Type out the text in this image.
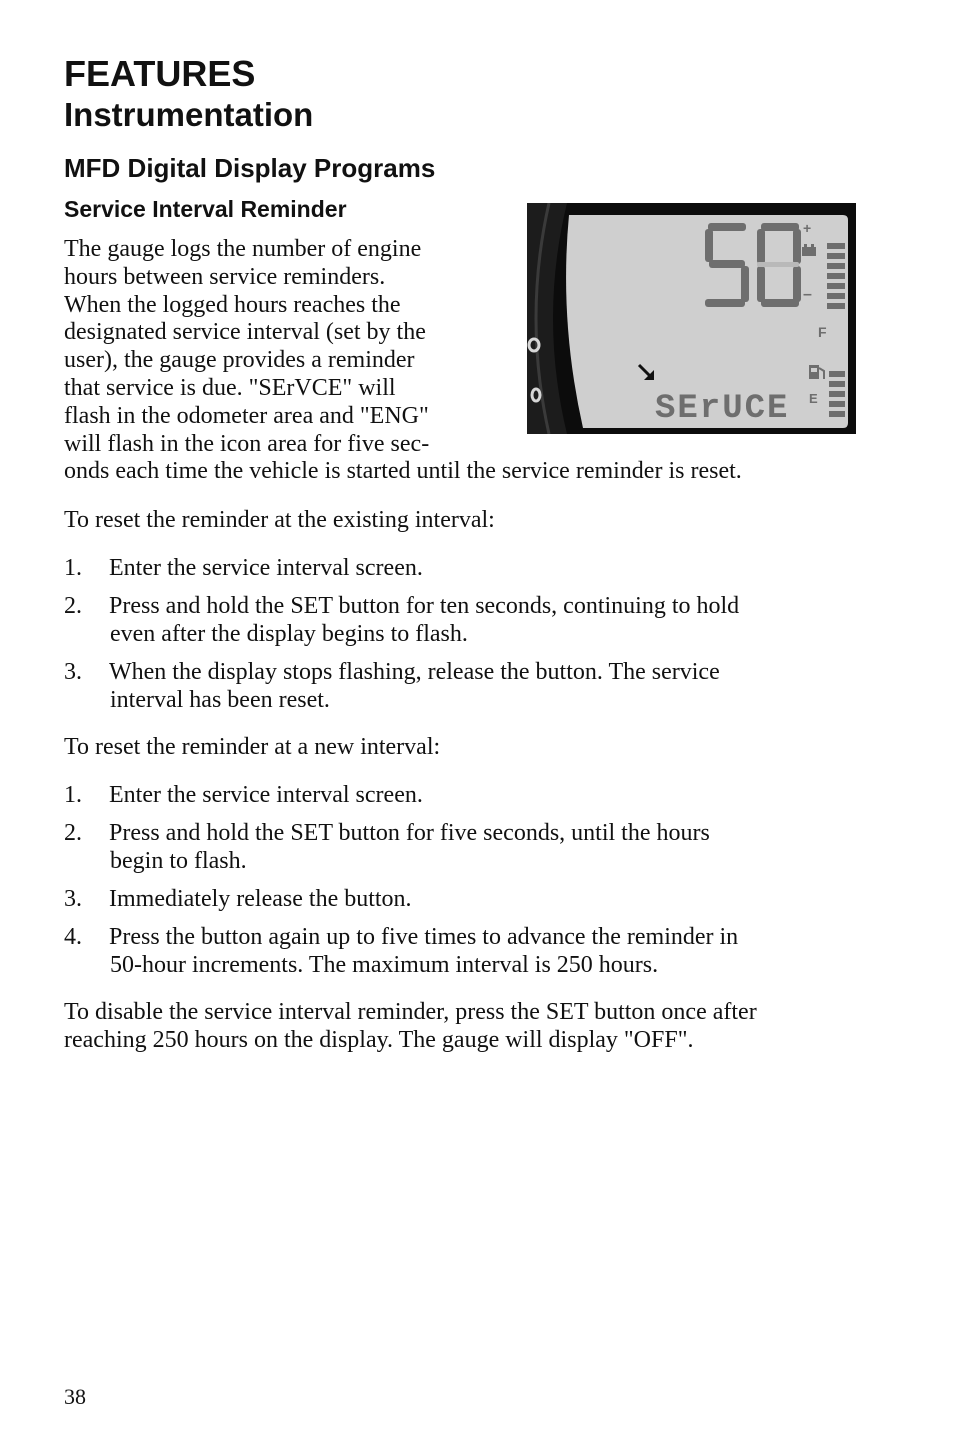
FEATURES
Instrumentation
MFD Digital Display Programs
Service Interval Reminder
+
–
F
E
SErUCE
The gauge logs the number of engine
hours between service reminders.
When the logged hours reaches the
designated service interval (set by the
user), the gauge provides a reminder
that service is due. "SErVCE" will
flash in the odometer area and "ENG"
will flash in the icon area for five sec-
onds each time the vehicle is started until the service reminder is reset.
To reset the reminder at the existing interval:
1. Enter the service interval screen.
2. Press and hold the SET button for ten seconds, continuing to hold
even after the display begins to flash.
3. When the display stops flashing, release the button. The service
interval has been reset.
To reset the reminder at a new interval:
1. Enter the service interval screen.
2. Press and hold the SET button for five seconds, until the hours
begin to flash.
3. Immediately release the button.
4. Press the button again up to five times to advance the reminder in
50-hour increments. The maximum interval is 250 hours.
To disable the service interval reminder, press the SET button once after
reaching 250 hours on the display. The gauge will display "OFF".
38
